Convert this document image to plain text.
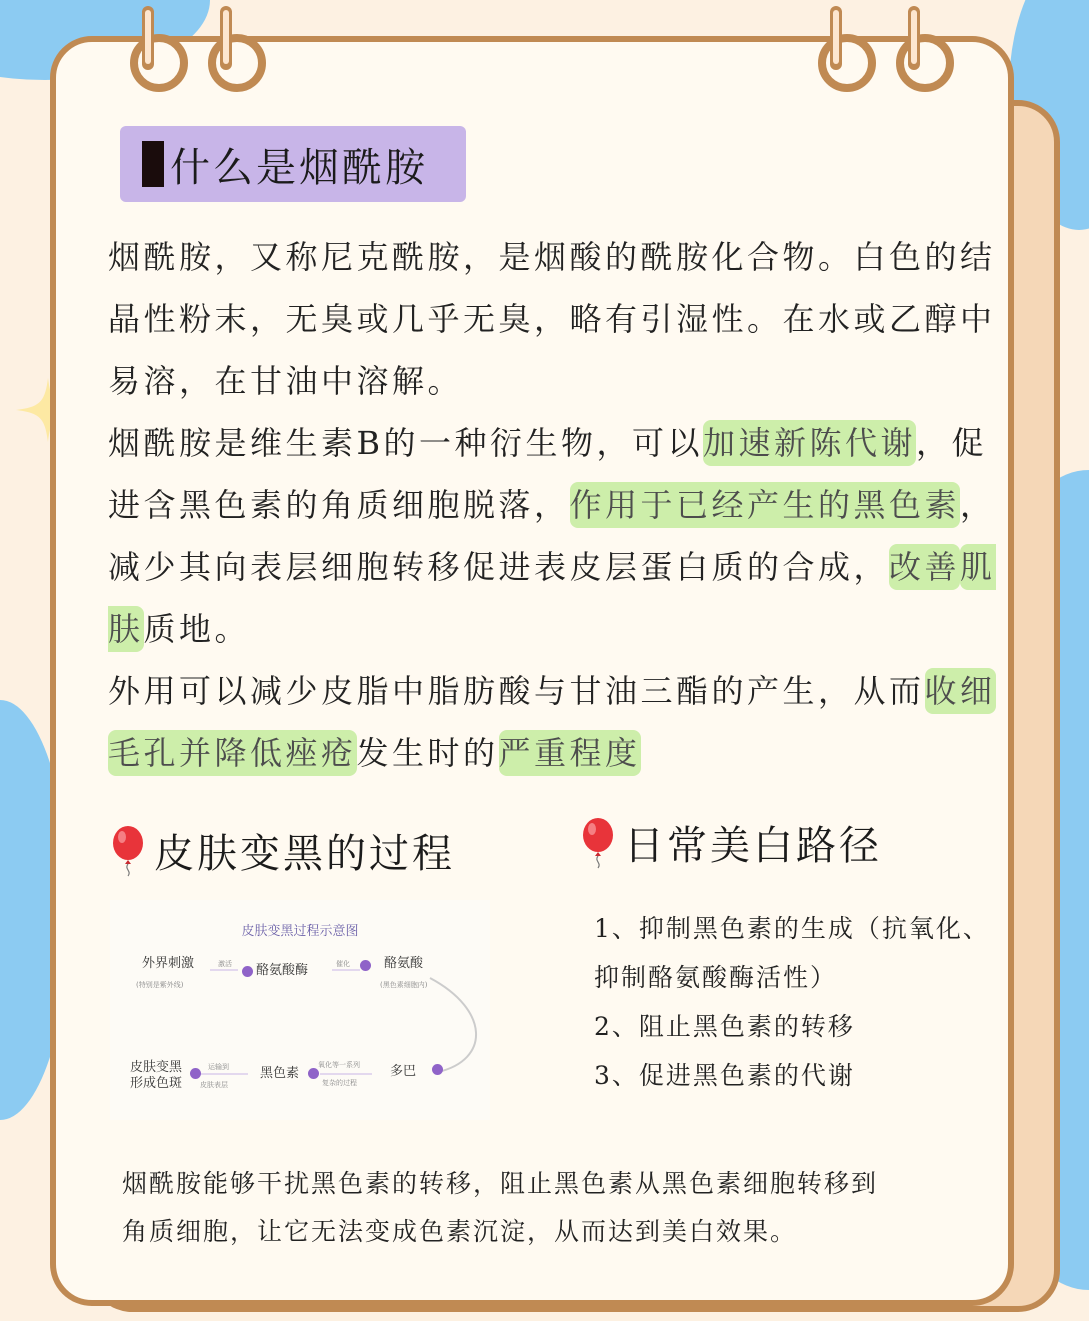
什么是烟酰胺

烟酰胺，又称尼克酰胺，是烟酸的酰胺化合物。白色的结晶性粉末，无臭或几乎无臭，略有引湿性。在水或乙醇中易溶，在甘油中溶解。

烟酰胺是维生素B的一种衍生物，可以加速新陈代谢，促进含黑色素的角质细胞脱落，作用于已经产生的黑色素，减少其向表层细胞转移促进表皮层蛋白质的合成，改善肌肤质地。

外用可以减少皮脂中脂肪酸与甘油三酯的产生，从而收细毛孔并降低痤疮发生时的严重程度

皮肤变黑的过程	日常美白路径
皮肤变黑过程示意图
外界刺激
(特别是紫外线)
激活 酪氨酸酶	催化	酪氨酸
(黑色素细胞内)
多巴
氧化等一系列
复杂的过程
黑色素
运输到
皮肤表层
皮肤变黑
形成色斑

1、抑制黑色素的生成（抗氧化、

抑制酪氨酸酶活性）

2、阻止黑色素的转移

3、促进黑色素的代谢

烟酰胺能够干扰黑色素的转移，阻止黑色素从黑色素细胞转移到

角质细胞，让它无法变成色素沉淀，从而达到美白效果。
